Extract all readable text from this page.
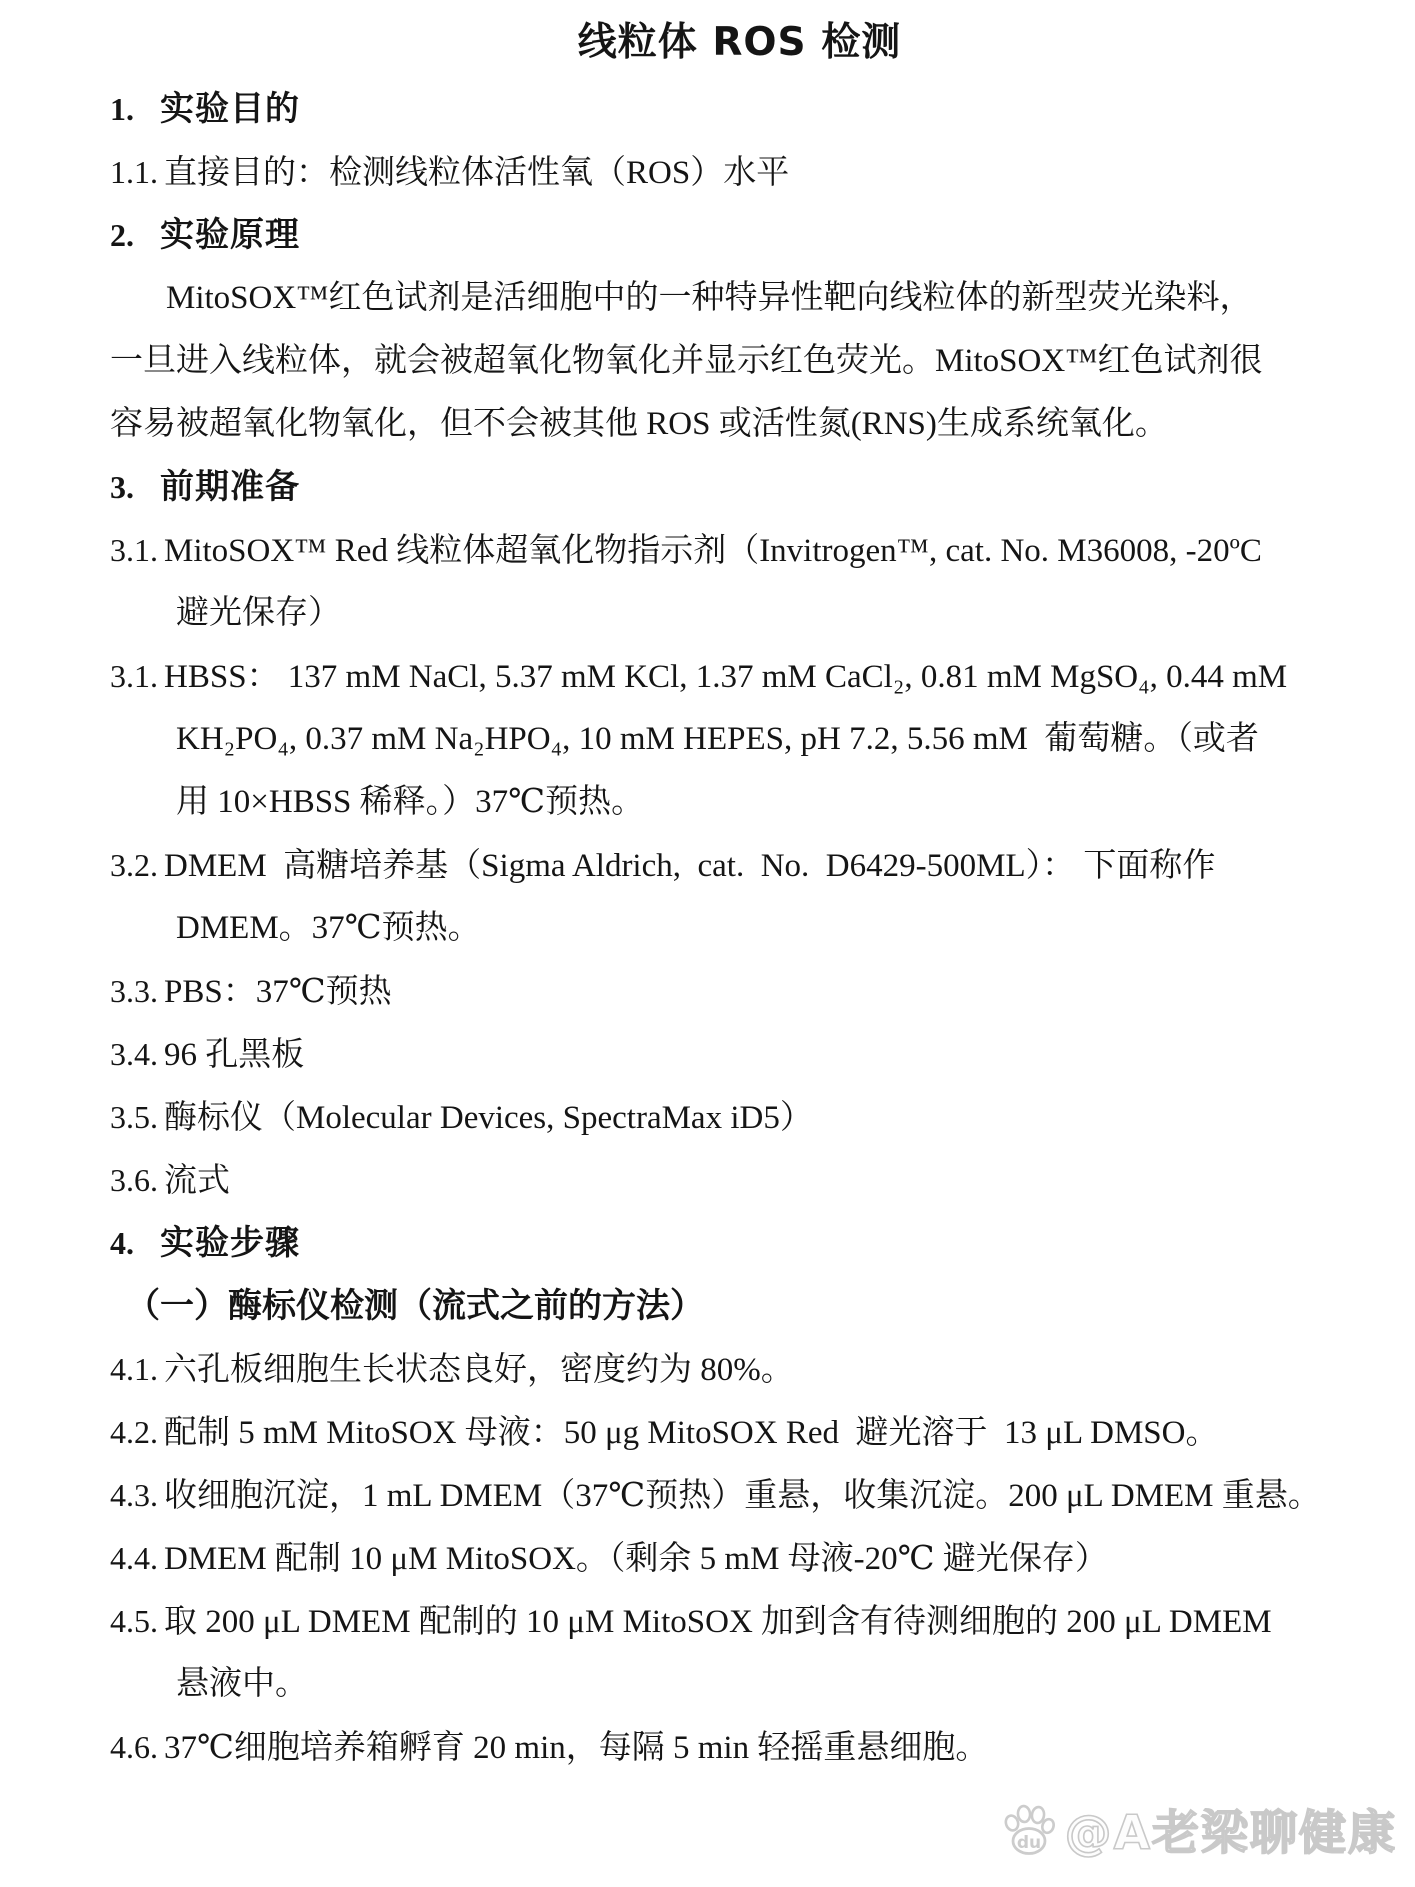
线粒体 ROS 检测
1. 实验目的
1.1. 直接目的：检测线粒体活性氧（ROS）水平
2. 实验原理
MitoSOX™红色试剂是活细胞中的一种特异性靶向线粒体的新型荧光染料，
一旦进入线粒体，就会被超氧化物氧化并显示红色荧光。MitoSOX™红色试剂很
容易被超氧化物氧化，但不会被其他 ROS 或活性氮(RNS)生成系统氧化。
3. 前期准备
3.1. MitoSOX™ Red 线粒体超氧化物指示剂（Invitrogen™, cat. No. M36008, -20ºC
避光保存）
3.1. HBSS： 137 mM NaCl, 5.37 mM KCl, 1.37 mM CaCl₂, 0.81 mM MgSO₄, 0.44 mM
KH₂PO₄, 0.37 mM Na₂HPO₄, 10 mM HEPES, pH 7.2, 5.56 mM  葡萄糖。（或者
用 10×HBSS 稀释。）37℃预热。
3.2. DMEM  高糖培养基（Sigma Aldrich,  cat.  No.  D6429-500ML）： 下面称作
DMEM。37℃预热。
3.3. PBS：37℃预热
3.4. 96 孔黑板
3.5. 酶标仪（Molecular Devices, SpectraMax iD5）
3.6. 流式
4. 实验步骤
（一）酶标仪检测（流式之前的方法）
4.1. 六孔板细胞生长状态良好，密度约为 80%。
4.2. 配制 5 mM MitoSOX 母液：50 μg MitoSOX Red  避光溶于  13 μL DMSO。
4.3. 收细胞沉淀，1 mL DMEM（37℃预热）重悬，收集沉淀。200 μL DMEM 重悬。
4.4. DMEM 配制 10 μM MitoSOX。（剩余 5 mM 母液-20℃ 避光保存）
4.5. 取 200 μL DMEM 配制的 10 μM MitoSOX 加到含有待测细胞的 200 μL DMEM
悬液中。
4.6. 37℃细胞培养箱孵育 20 min，每隔 5 min 轻摇重悬细胞。
du @A老梁聊健康
